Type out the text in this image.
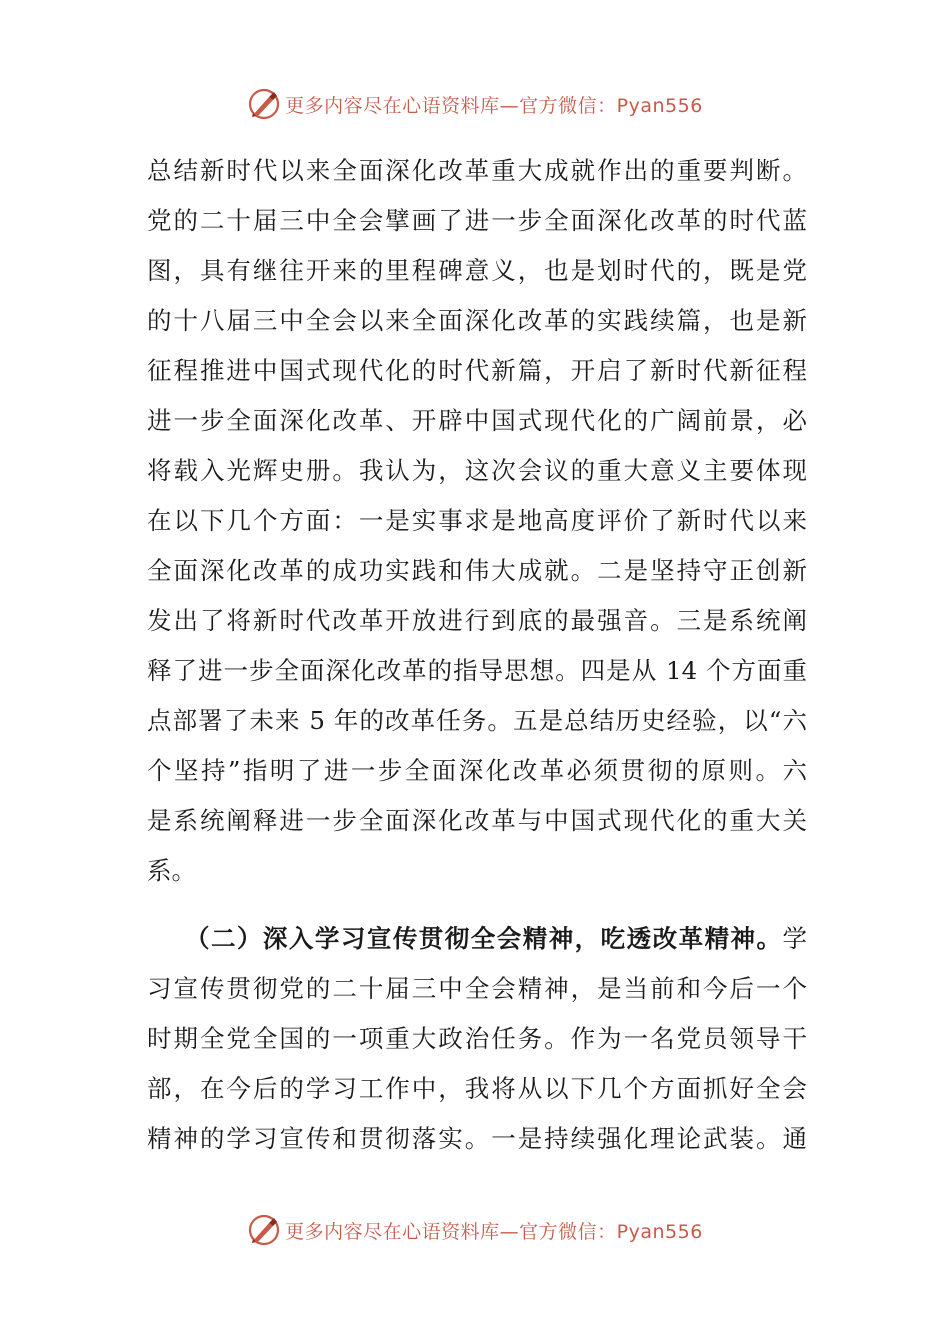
更多内容尽在心语资料库—官方微信：Pyan556
总结新时代以来全面深化改革重大成就作出的重要判断。
党的二十届三中全会擘画了进一步全面深化改革的时代蓝
图，具有继往开来的里程碑意义，也是划时代的，既是党
的十八届三中全会以来全面深化改革的实践续篇，也是新
征程推进中国式现代化的时代新篇，开启了新时代新征程
进一步全面深化改革、开辟中国式现代化的广阔前景，必
将载入光辉史册。我认为，这次会议的重大意义主要体现
在以下几个方面：一是实事求是地高度评价了新时代以来
全面深化改革的成功实践和伟大成就。二是坚持守正创新
发出了将新时代改革开放进行到底的最强音。三是系统阐
释了进一步全面深化改革的指导思想。四是从 14 个方面重
点部署了未来 5 年的改革任务。五是总结历史经验，以“六
个坚持”指明了进一步全面深化改革必须贯彻的原则。六
是系统阐释进一步全面深化改革与中国式现代化的重大关
系。
（二）深入学习宣传贯彻全会精神，吃透改革精神。学
习宣传贯彻党的二十届三中全会精神，是当前和今后一个
时期全党全国的一项重大政治任务。作为一名党员领导干
部，在今后的学习工作中，我将从以下几个方面抓好全会
精神的学习宣传和贯彻落实。一是持续强化理论武装。通
更多内容尽在心语资料库—官方微信：Pyan556
